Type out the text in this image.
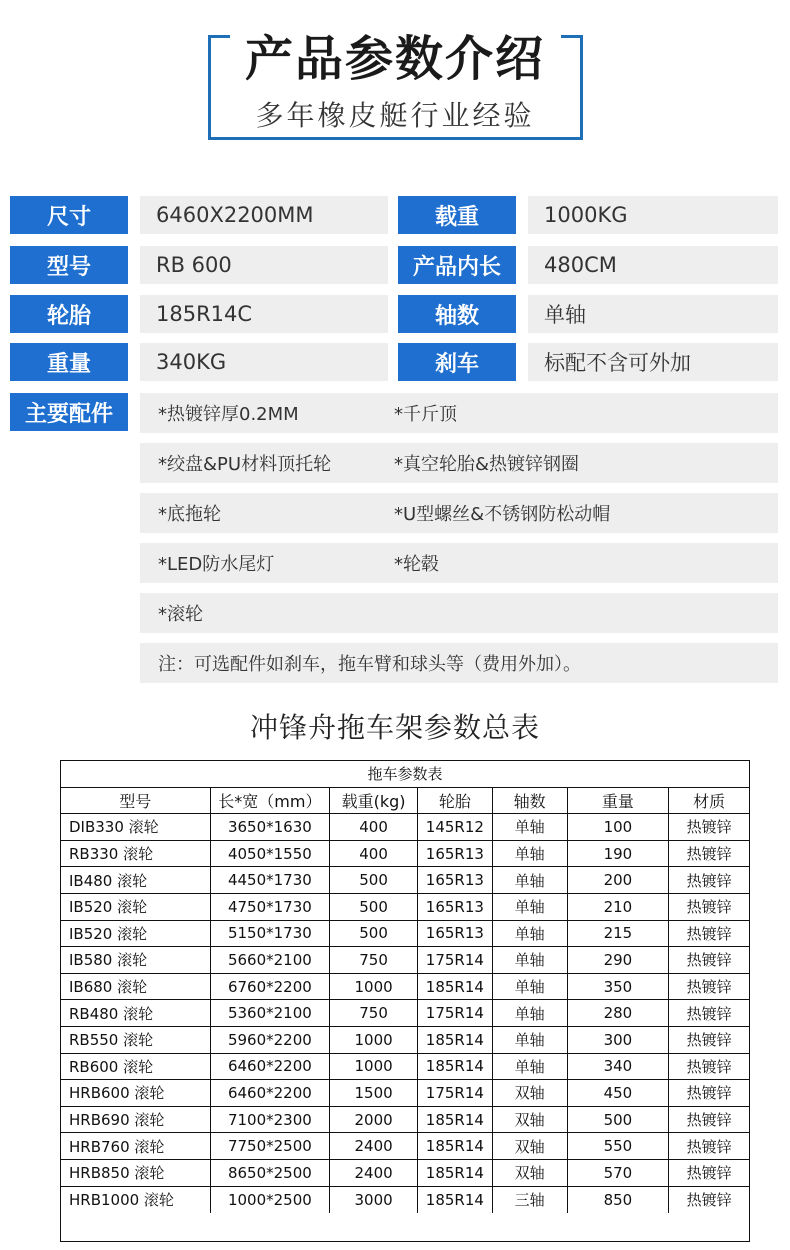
产品参数介绍
多年橡皮艇行业经验
尺寸	6460X2200MM	载重	1000KG
型号	RB 600	产品内长	480CM
轮胎	185R14C	轴数	单轴
重量	340KG	刹车	标配不含可外加
主要配件	*热镀锌厚0.2MM	*千斤顶
*绞盘&PU材料顶托轮	*真空轮胎&热镀锌钢圈
*底拖轮	*U型螺丝&不锈钢防松动帽
*LED防水尾灯	*轮毂
*滚轮
注：可选配件如刹车，拖车臂和球头等（费用外加）。
冲锋舟拖车架参数总表
拖车参数表
型号	长*宽（mm）	载重(kg)	轮胎	轴数	重量	材质
DIB330 滚轮	3650*1630	400	145R12	单轴	100	热镀锌
RB330 滚轮	4050*1550	400	165R13	单轴	190	热镀锌
IB480 滚轮	4450*1730	500	165R13	单轴	200	热镀锌
IB520 滚轮	4750*1730	500	165R13	单轴	210	热镀锌
IB520 滚轮	5150*1730	500	165R13	单轴	215	热镀锌
IB580 滚轮	5660*2100	750	175R14	单轴	290	热镀锌
IB680 滚轮	6760*2200	1000	185R14	单轴	350	热镀锌
RB480 滚轮	5360*2100	750	175R14	单轴	280	热镀锌
RB550 滚轮	5960*2200	1000	185R14	单轴	300	热镀锌
RB600 滚轮	6460*2200	1000	185R14	单轴	340	热镀锌
HRB600 滚轮	6460*2200	1500	175R14	双轴	450	热镀锌
HRB690 滚轮	7100*2300	2000	185R14	双轴	500	热镀锌
HRB760 滚轮	7750*2500	2400	185R14	双轴	550	热镀锌
HRB850 滚轮	8650*2500	2400	185R14	双轴	570	热镀锌
HRB1000 滚轮	1000*2500	3000	185R14	三轴	850	热镀锌
